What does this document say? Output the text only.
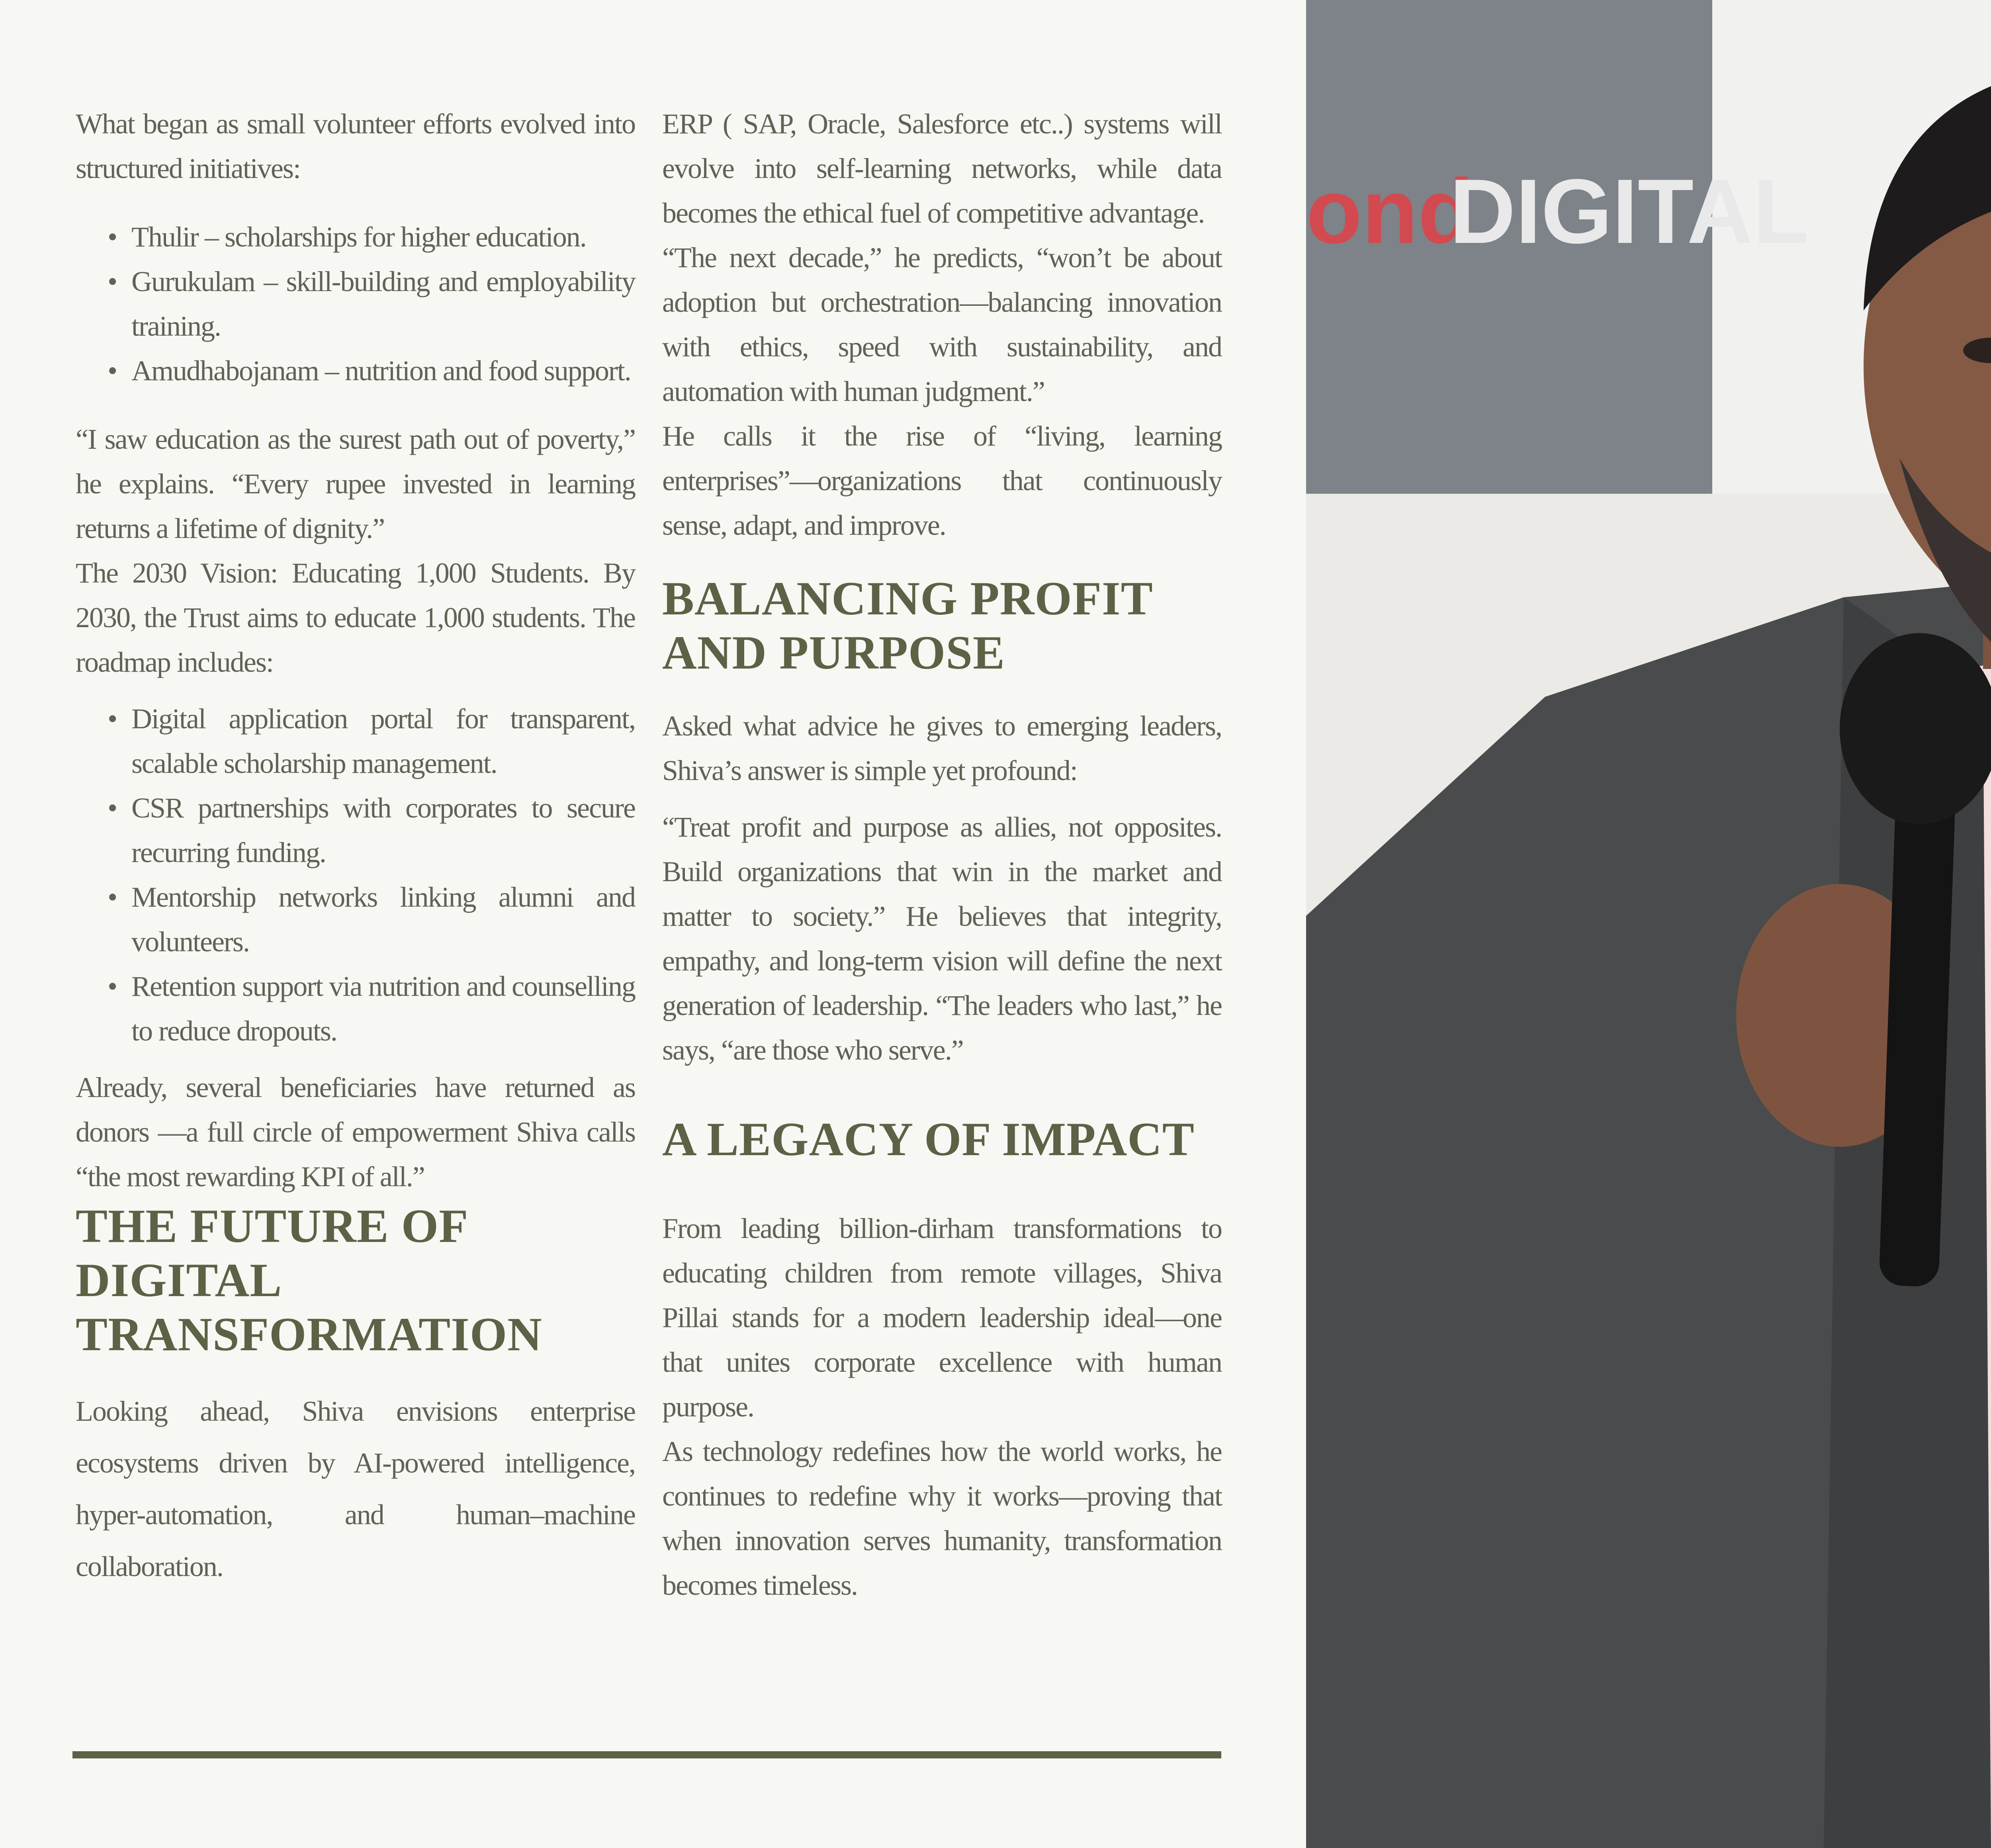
What began as small volunteer efforts evolved into structured initiatives:

• Thulir – scholarships for higher education.
• Gurukulam – skill-building and employability training.
• Amudhabojanam – nutrition and food support.

“I saw education as the surest path out of poverty,” he explains. “Every rupee invested in learning returns a lifetime of dignity.”

The 2030 Vision: Educating 1,000 Students. By 2030, the Trust aims to educate 1,000 students. The roadmap includes:

• Digital application portal for transparent, scalable scholarship management.
• CSR partnerships with corporates to secure recurring funding.
• Mentorship networks linking alumni and volunteers.
• Retention support via nutrition and counselling to reduce dropouts.

Already, several beneficiaries have returned as donors —a full circle of empowerment Shiva calls “the most rewarding KPI of all.”

THE FUTURE OF DIGITAL TRANSFORMATION

Looking ahead, Shiva envisions enterprise ecosystems driven by AI-powered intelligence, hyper-automation, and human–machine collaboration.

ERP ( SAP, Oracle, Salesforce etc..) systems will evolve into self-learning networks, while data becomes the ethical fuel of competitive advantage.

“The next decade,” he predicts, “won’t be about adoption but orchestration—balancing innovation with ethics, speed with sustainability, and automation with human judgment.”

He calls it the rise of “living, learning enterprises”—organizations that continuously sense, adapt, and improve.

BALANCING PROFIT AND PURPOSE

Asked what advice he gives to emerging leaders, Shiva’s answer is simple yet profound:

“Treat profit and purpose as allies, not opposites. Build organizations that win in the market and matter to society.” He believes that integrity, empathy, and long-term vision will define the next generation of leadership. “The leaders who last,” he says, “are those who serve.”

A LEGACY OF IMPACT

From leading billion-dirham transformations to educating children from remote villages, Shiva Pillai stands for a modern leadership ideal—one that unites corporate excellence with human purpose.

As technology redefines how the world works, he continues to redefine why it works—proving that when innovation serves humanity, transformation becomes timeless.

ond
DIGITAL
